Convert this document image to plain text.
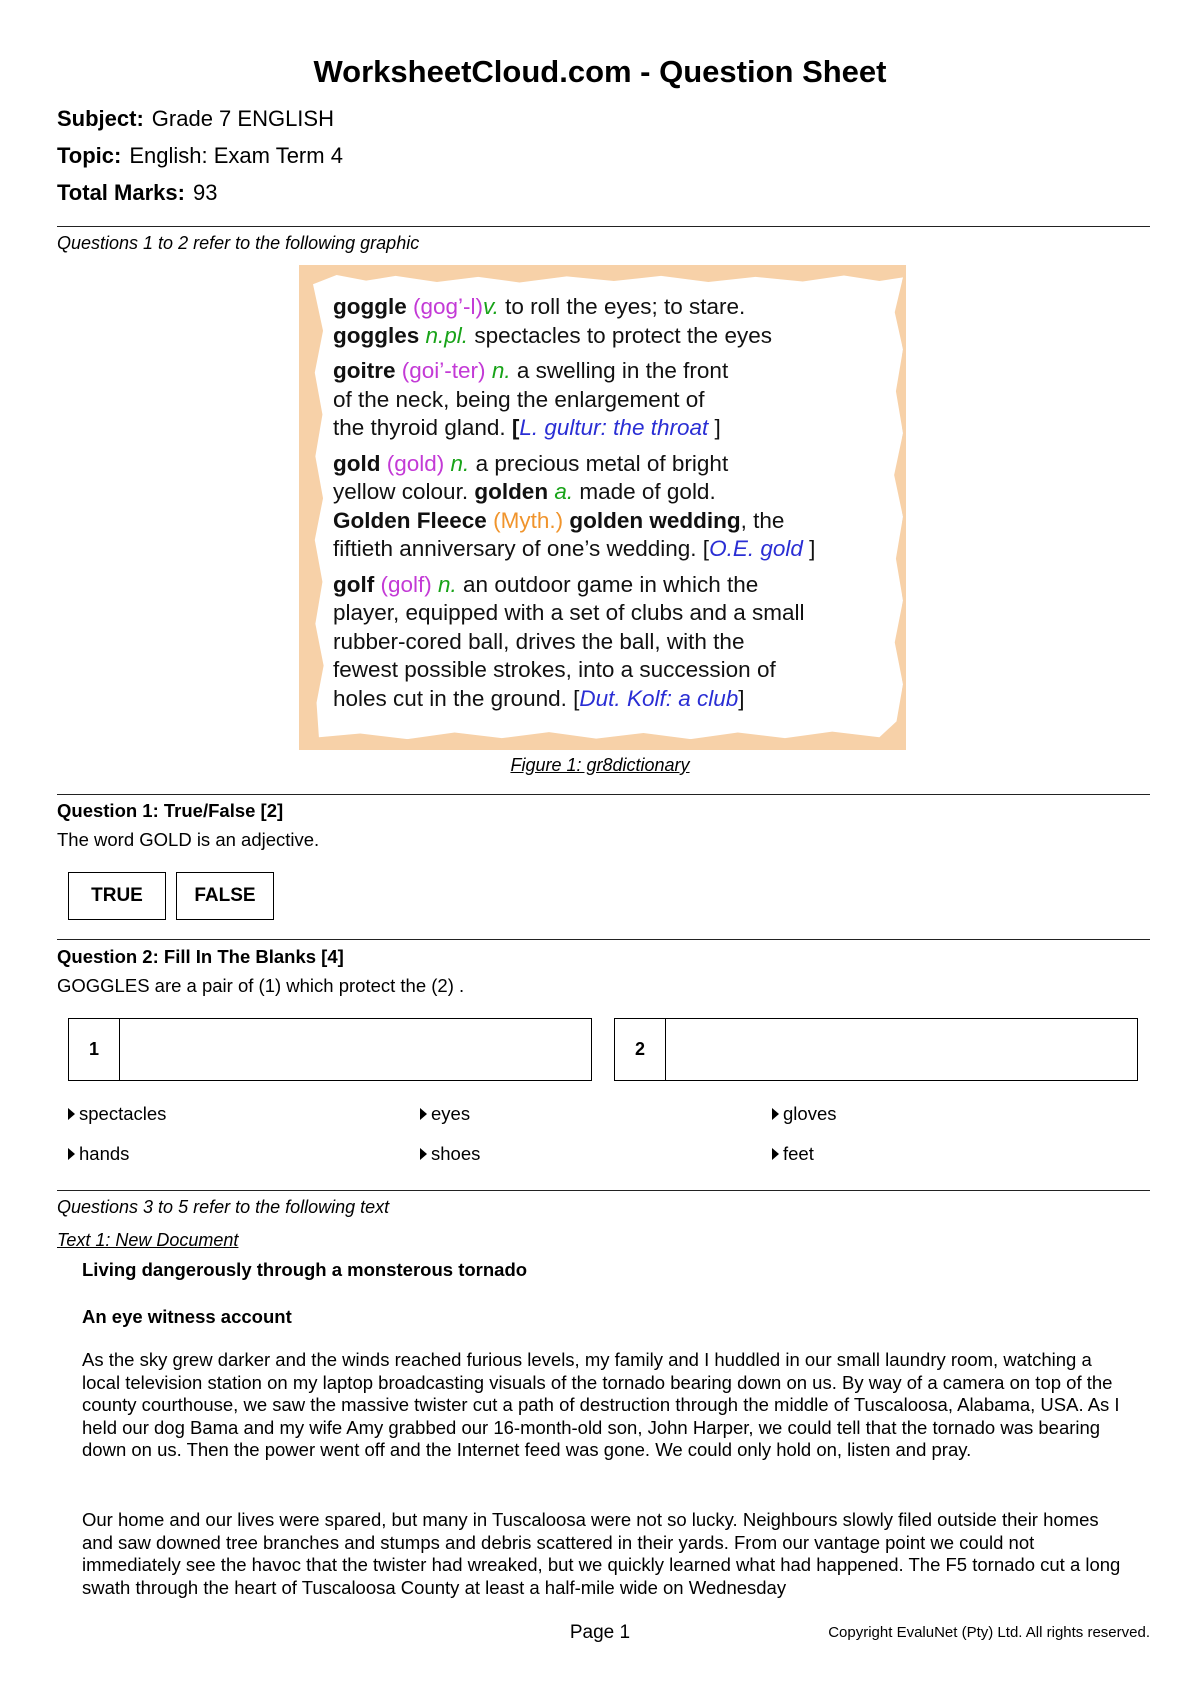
WorksheetCloud.com - Question Sheet
Subject: Grade 7 ENGLISH
Topic: English: Exam Term 4
Total Marks: 93
Questions 1 to 2 refer to the following graphic

goggle (gog’-l)v. to roll the eyes; to stare.

goggles n.pl. spectacles to protect the eyes

goitre (goi’-ter) n. a swelling in the front

of the neck, being the enlargement of

the thyroid gland. [L. gultur: the throat ]

gold (gold) n. a precious metal of bright

yellow colour. golden a. made of gold.

Golden Fleece (Myth.) golden wedding, the

fiftieth anniversary of one’s wedding. [O.E. gold ]

golf (golf) n. an outdoor game in which the

player, equipped with a set of clubs and a small

rubber-cored ball, drives the ball, with the

fewest possible strokes, into a succession of

holes cut in the ground. [Dut. Kolf: a club]

Figure 1: gr8dictionary
Question 1: True/False [2]
The word GOLD is an adjective.
TRUE	FALSE
Question 2: Fill In The Blanks [4]
GOGGLES are a pair of (1) which protect the (2) .
1	2
spectacles	eyes	gloves
hands	shoes	feet
Questions 3 to 5 refer to the following text
Text 1: New Document
Living dangerously through a monsterous tornado
An eye witness account
As the sky grew darker and the winds reached furious levels, my family and I huddled in our small laundry room, watching a local television station on my laptop broadcasting visuals of the tornado bearing down on us. By way of a camera on top of the county courthouse, we saw the massive twister cut a path of destruction through the middle of Tuscaloosa, Alabama, USA. As I held our dog Bama and my wife Amy grabbed our 16-month-old son, John Harper, we could tell that the tornado was bearing down on us. Then the power went off and the Internet feed was gone. We could only hold on, listen and pray.
Our home and our lives were spared, but many in Tuscaloosa were not so lucky. Neighbours slowly filed outside their homes and saw downed tree branches and stumps and debris scattered in their yards. From our vantage point we could not immediately see the havoc that the twister had wreaked, but we quickly learned what had happened. The F5 tornado cut a long swath through the heart of Tuscaloosa County at least a half-mile wide on Wednesday
Page 1	Copyright EvaluNet (Pty) Ltd. All rights reserved.
